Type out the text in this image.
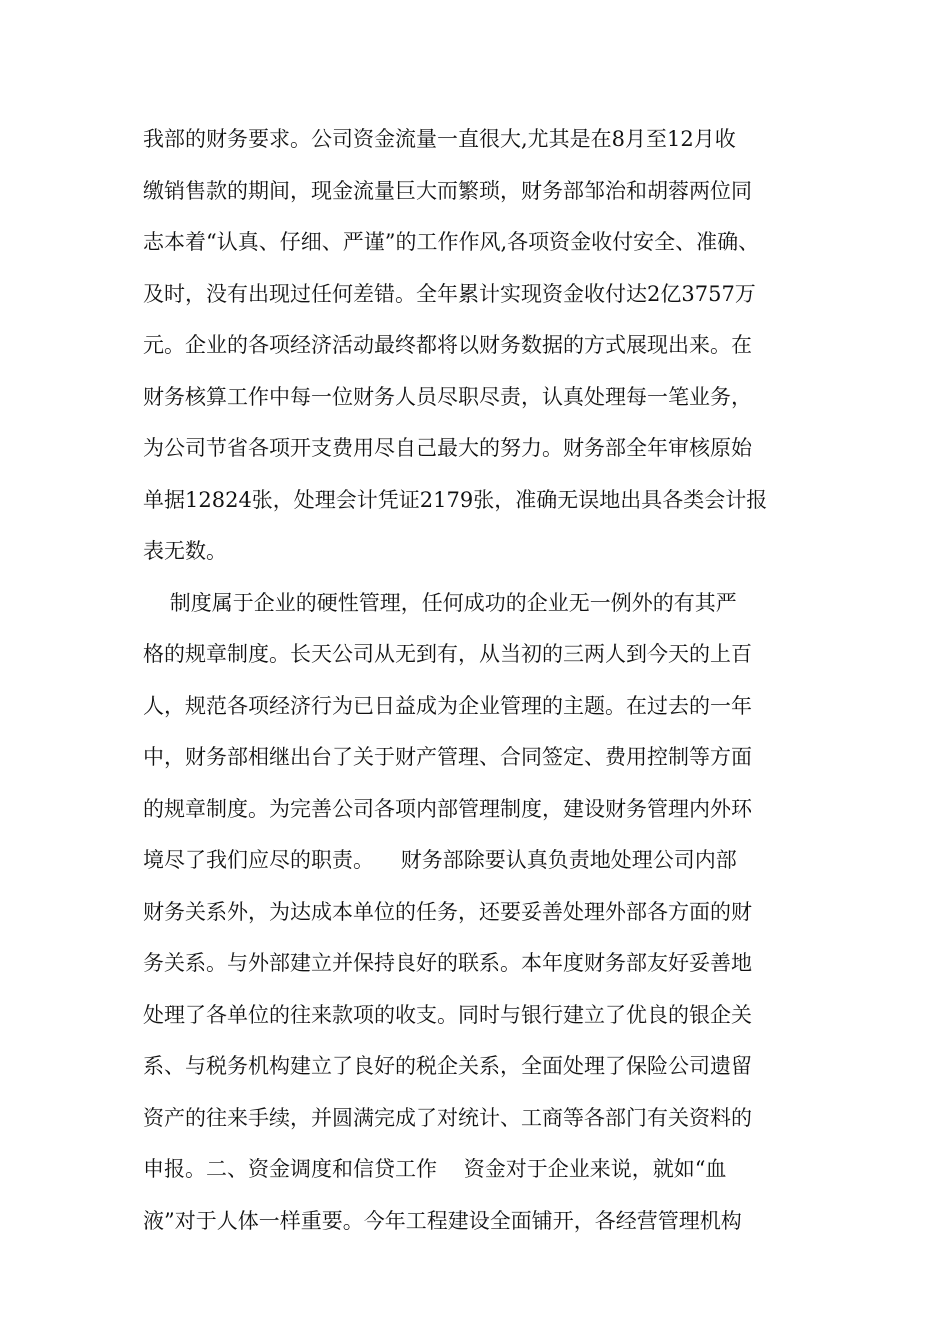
我部的财务要求。公司资金流量一直很大,尤其是在8月至12月收
缴销售款的期间，现金流量巨大而繁琐，财务部邹治和胡蓉两位同
志本着“认真、仔细、严谨”的工作作风,各项资金收付安全、准确、
及时，没有出现过任何差错。全年累计实现资金收付达2亿3757万
元。企业的各项经济活动最终都将以财务数据的方式展现出来。在
财务核算工作中每一位财务人员尽职尽责，认真处理每一笔业务，
为公司节省各项开支费用尽自己最大的努力。财务部全年审核原始
单据12824张，处理会计凭证2179张，准确无误地出具各类会计报
表无数。
制度属于企业的硬性管理，任何成功的企业无一例外的有其严
格的规章制度。长天公司从无到有，从当初的三两人到今天的上百
人，规范各项经济行为已日益成为企业管理的主题。在过去的一年
中，财务部相继出台了关于财产管理、合同签定、费用控制等方面
的规章制度。为完善公司各项内部管理制度，建设财务管理内外环
境尽了我们应尽的职责。    财务部除要认真负责地处理公司内部
财务关系外，为达成本单位的任务，还要妥善处理外部各方面的财
务关系。与外部建立并保持良好的联系。本年度财务部友好妥善地
处理了各单位的往来款项的收支。同时与银行建立了优良的银企关
系、与税务机构建立了良好的税企关系，全面处理了保险公司遗留
资产的往来手续，并圆满完成了对统计、工商等各部门有关资料的
申报。二、资金调度和信贷工作    资金对于企业来说，就如“血
液”对于人体一样重要。今年工程建设全面铺开，各经营管理机构
